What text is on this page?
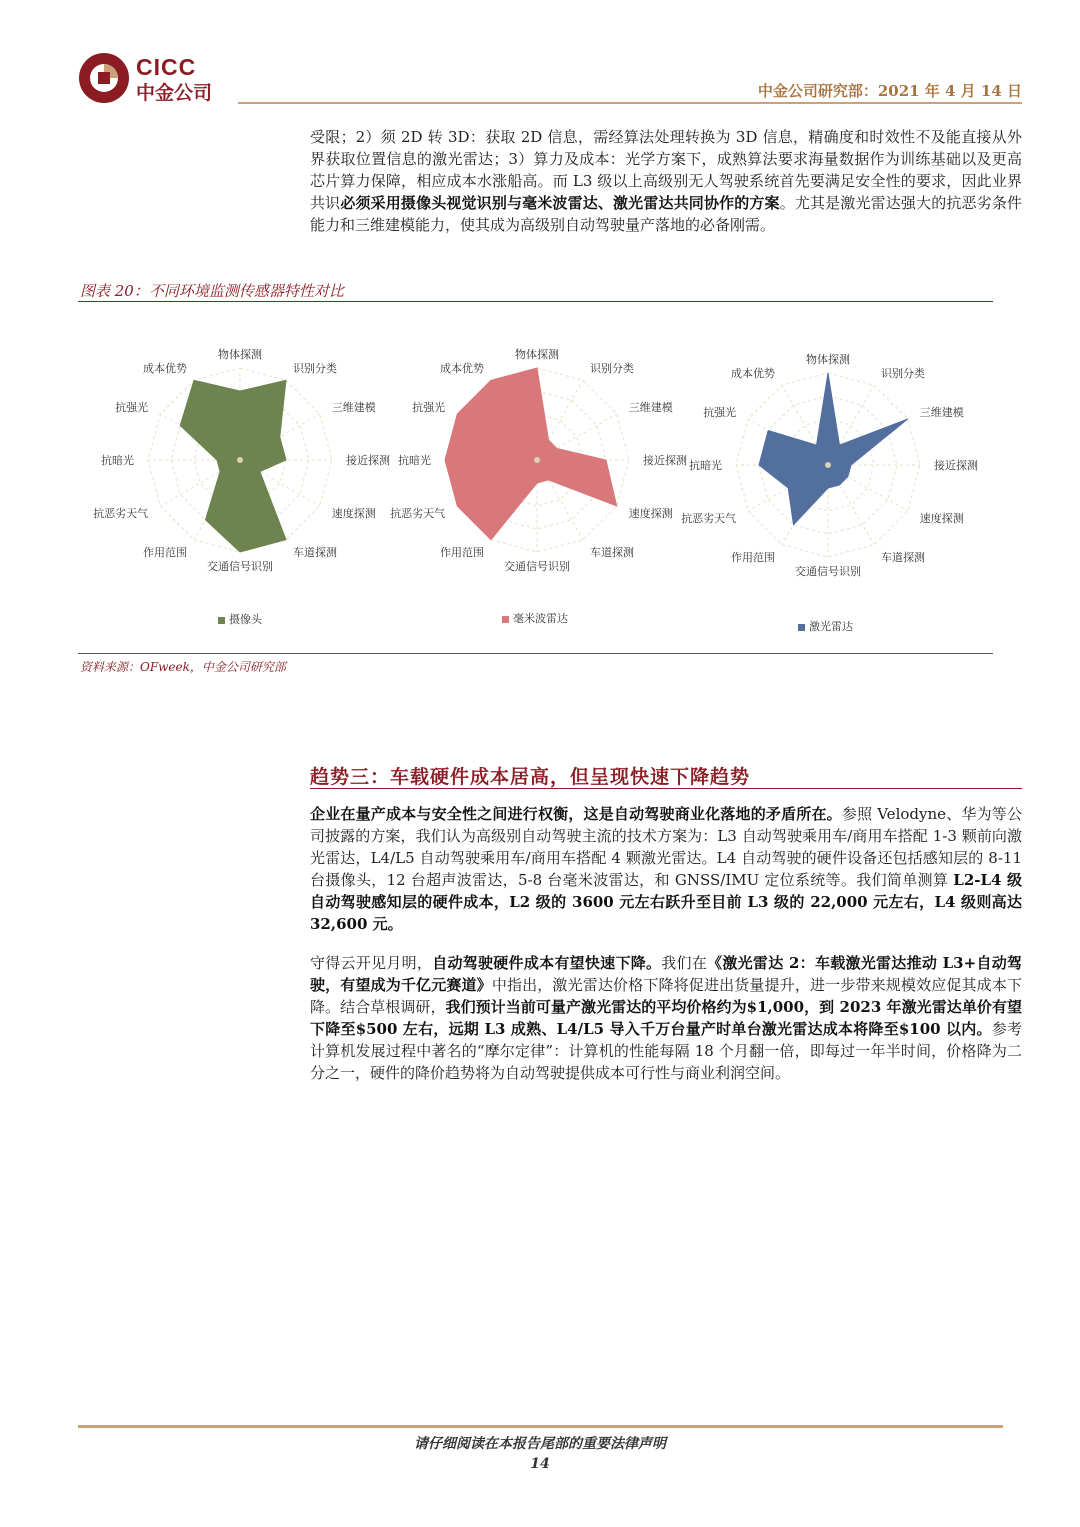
CICC
中金公司	中金公司研究部：2021 年 4 月 14 日
受限；2）须 2D 转 3D：获取 2D 信息，需经算法处理转换为 3D 信息，精确度和时效性不及能直接从外界获取位置信息的激光雷达；3）算力及成本：光学方案下，成熟算法要求海量数据作为训练基础以及更高芯片算力保障，相应成本水涨船高。而 L3 级以上高级别无人驾驶系统首先要满足安全性的要求，因此业界共识必须采用摄像头视觉识别与毫米波雷达、激光雷达共同协作的方案。尤其是激光雷达强大的抗恶劣条件能力和三维建模能力，使其成为高级别自动驾驶量产落地的必备刚需。
图表 20：不同环境监测传感器特性对比
物体探测
识别分类
三维建模
接近探测
速度探测
车道探测
交通信号识别
作用范围
抗恶劣天气
抗暗光
抗强光
成本优势
物体探测
识别分类
三维建模
接近探测
速度探测
车道探测
交通信号识别
作用范围
抗恶劣天气
抗暗光
抗强光
成本优势
物体探测
识别分类
三维建模
接近探测
速度探测
车道探测
交通信号识别
作用范围
抗恶劣天气
抗暗光
抗强光
成本优势
摄像头	毫米波雷达
激光雷达
资料来源：OFweek，中金公司研究部
趋势三：车载硬件成本居高，但呈现快速下降趋势
企业在量产成本与安全性之间进行权衡，这是自动驾驶商业化落地的矛盾所在。参照 Velodyne、华为等公司披露的方案，我们认为高级别自动驾驶主流的技术方案为：L3 自动驾驶乘用车/商用车搭配 1-3 颗前向激光雷达，L4/L5 自动驾驶乘用车/商用车搭配 4 颗激光雷达。L4 自动驾驶的硬件设备还包括感知层的 8-11 台摄像头，12 台超声波雷达，5-8 台毫米波雷达，和 GNSS/IMU 定位系统等。我们简单测算 L2-L4 级自动驾驶感知层的硬件成本，L2 级的 3600 元左右跃升至目前 L3 级的 22,000 元左右，L4 级则高达 32,600 元。
守得云开见月明，自动驾驶硬件成本有望快速下降。我们在《激光雷达 2：车载激光雷达推动 L3+自动驾驶，有望成为千亿元赛道》中指出，激光雷达价格下降将促进出货量提升，进一步带来规模效应促其成本下降。结合草根调研，我们预计当前可量产激光雷达的平均价格约为$1,000，到 2023 年激光雷达单价有望下降至$500 左右，远期 L3 成熟、L4/L5 导入千万台量产时单台激光雷达成本将降至$100 以内。参考计算机发展过程中著名的“摩尔定律”：计算机的性能每隔 18 个月翻一倍，即每过一年半时间，价格降为二分之一，硬件的降价趋势将为自动驾驶提供成本可行性与商业利润空间。
请仔细阅读在本报告尾部的重要法律声明
14
